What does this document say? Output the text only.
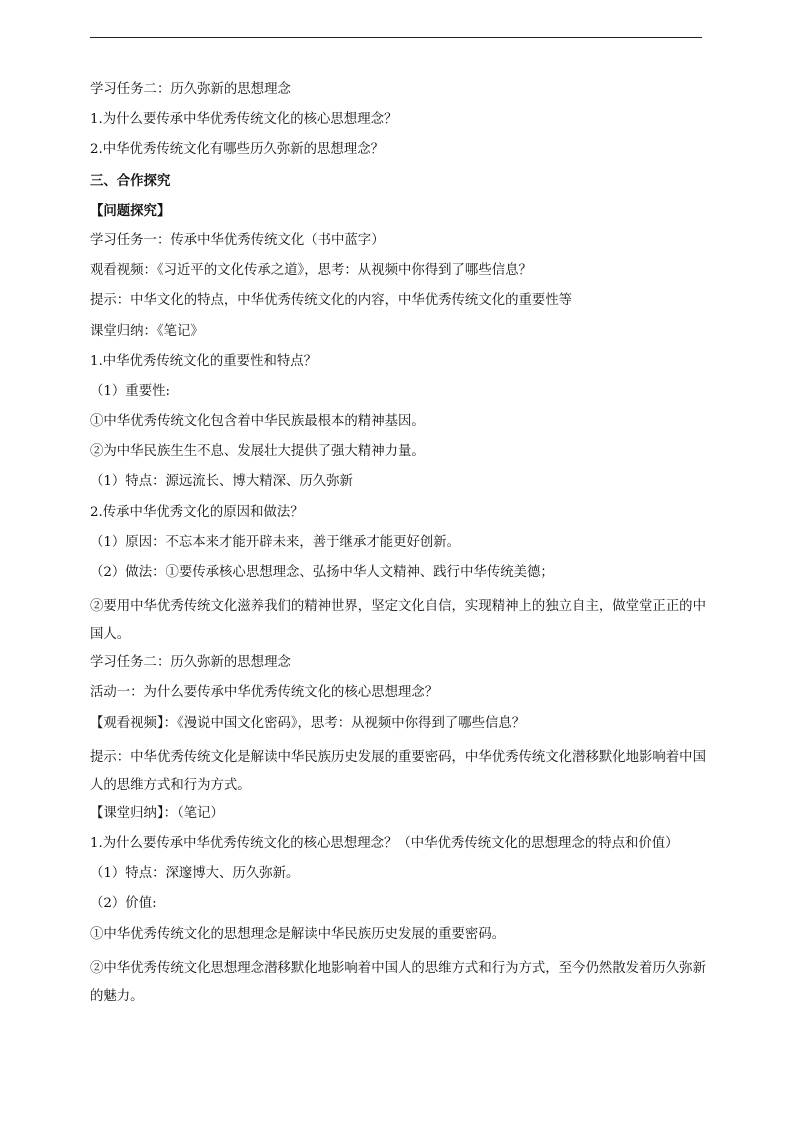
学习任务二：历久弥新的思想理念

1.为什么要传承中华优秀传统文化的核心思想理念？

2.中华优秀传统文化有哪些历久弥新的思想理念？

三、合作探究

【问题探究】

学习任务一：传承中华优秀传统文化（书中蓝字）

观看视频：《习近平的文化传承之道》，思考：从视频中你得到了哪些信息？

提示：中华文化的特点，中华优秀传统文化的内容，中华优秀传统文化的重要性等

课堂归纳：《笔记》

1.中华优秀传统文化的重要性和特点？

（1）重要性:

①中华优秀传统文化包含着中华民族最根本的精神基因。

②为中华民族生生不息、发展壮大提供了强大精神力量。

（1）特点：源远流长、博大精深、历久弥新

2.传承中华优秀文化的原因和做法？

（1）原因：不忘本来才能开辟未来，善于继承才能更好创新。

（2）做法：①要传承核心思想理念、弘扬中华人文精神、践行中华传统美德；

②要用中华优秀传统文化滋养我们的精神世界，坚定文化自信，实现精神上的独立自主，做堂堂正正的中国人。

学习任务二：历久弥新的思想理念

活动一：为什么要传承中华优秀传统文化的核心思想理念？

【观看视频】：《漫说中国文化密码》，思考：从视频中你得到了哪些信息？

提示：中华优秀传统文化是解读中华民族历史发展的重要密码，中华优秀传统文化潜移默化地影响着中国人的思维方式和行为方式。

【课堂归纳】：（笔记）

1.为什么要传承中华优秀传统文化的核心思想理念？（中华优秀传统文化的思想理念的特点和价值）

（1）特点：深邃博大、历久弥新。

（2）价值:

①中华优秀传统文化的思想理念是解读中华民族历史发展的重要密码。

②中华优秀传统文化思想理念潜移默化地影响着中国人的思维方式和行为方式，至今仍然散发着历久弥新的魅力。
